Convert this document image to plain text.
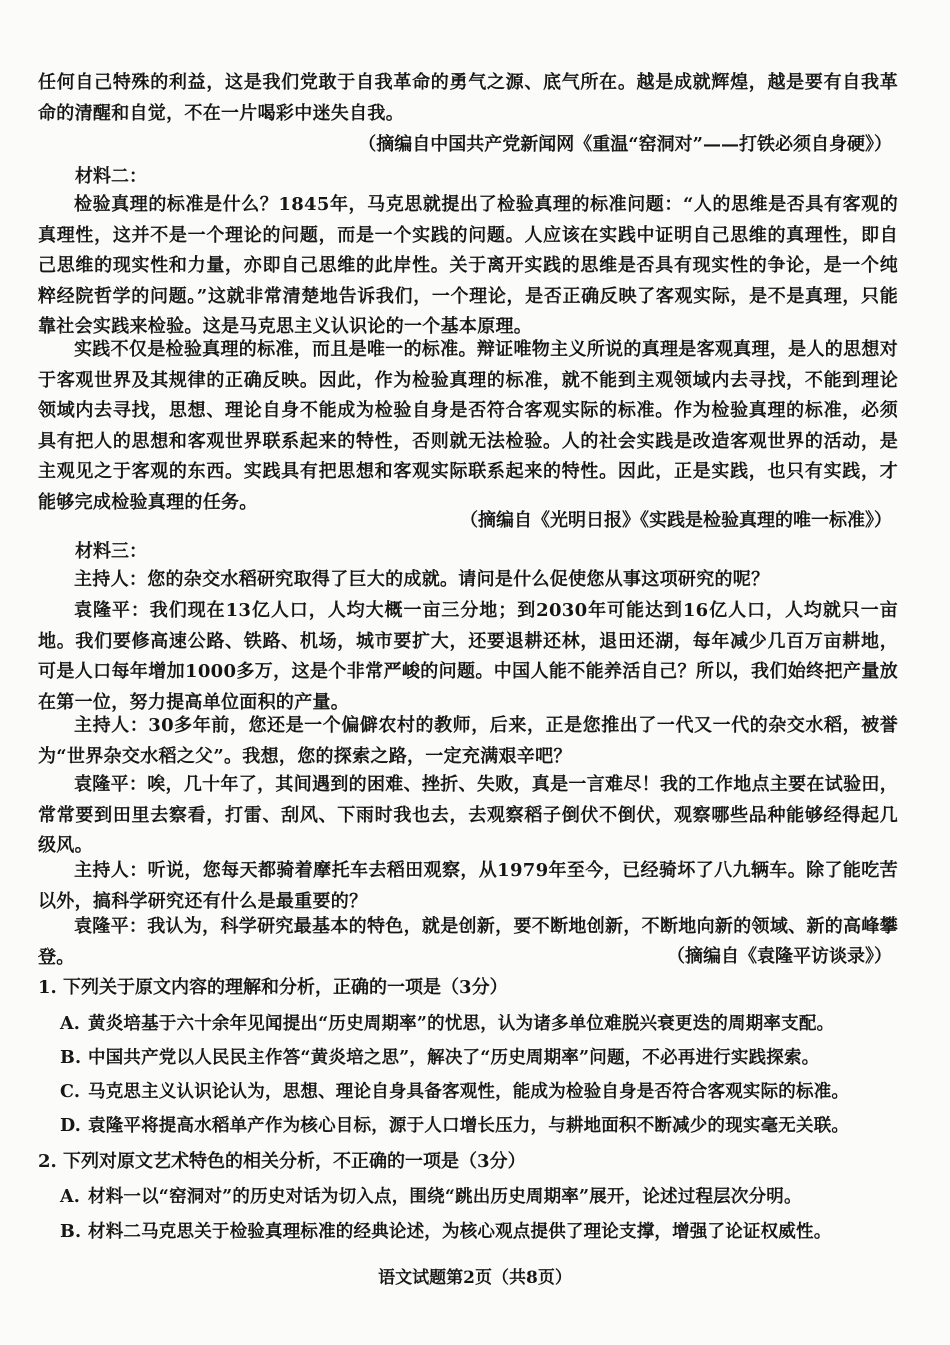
任何自己特殊的利益，这是我们党敢于自我革命的勇气之源、底气所在。越是成就辉煌，越是要有自我革命的清醒和自觉，不在一片喝彩中迷失自我。

（摘编自中国共产党新闻网《重温“窑洞对”——打铁必须自身硬》）

材料二：

检验真理的标准是什么？1845年，马克思就提出了检验真理的标准问题：“人的思维是否具有客观的真理性，这并不是一个理论的问题，而是一个实践的问题。人应该在实践中证明自己思维的真理性，即自己思维的现实性和力量，亦即自己思维的此岸性。关于离开实践的思维是否具有现实性的争论，是一个纯粹经院哲学的问题。”这就非常清楚地告诉我们，一个理论，是否正确反映了客观实际，是不是真理，只能靠社会实践来检验。这是马克思主义认识论的一个基本原理。

实践不仅是检验真理的标准，而且是唯一的标准。辩证唯物主义所说的真理是客观真理，是人的思想对于客观世界及其规律的正确反映。因此，作为检验真理的标准，就不能到主观领域内去寻找，不能到理论领域内去寻找，思想、理论自身不能成为检验自身是否符合客观实际的标准。作为检验真理的标准，必须具有把人的思想和客观世界联系起来的特性，否则就无法检验。人的社会实践是改造客观世界的活动，是主观见之于客观的东西。实践具有把思想和客观实际联系起来的特性。因此，正是实践，也只有实践，才能够完成检验真理的任务。

（摘编自《光明日报》《实践是检验真理的唯一标准》）

材料三：

主持人：您的杂交水稻研究取得了巨大的成就。请问是什么促使您从事这项研究的呢？

袁隆平：我们现在13亿人口，人均大概一亩三分地；到2030年可能达到16亿人口，人均就只一亩地。我们要修高速公路、铁路、机场，城市要扩大，还要退耕还林，退田还湖，每年减少几百万亩耕地，可是人口每年增加1000多万，这是个非常严峻的问题。中国人能不能养活自己？所以，我们始终把产量放在第一位，努力提高单位面积的产量。

主持人：30多年前，您还是一个偏僻农村的教师，后来，正是您推出了一代又一代的杂交水稻，被誉为“世界杂交水稻之父”。我想，您的探索之路，一定充满艰辛吧？

袁隆平：唉，几十年了，其间遇到的困难、挫折、失败，真是一言难尽！我的工作地点主要在试验田，常常要到田里去察看，打雷、刮风、下雨时我也去，去观察稻子倒伏不倒伏，观察哪些品种能够经得起几级风。

主持人：听说，您每天都骑着摩托车去稻田观察，从1979年至今，已经骑坏了八九辆车。除了能吃苦以外，搞科学研究还有什么是最重要的？

袁隆平：我认为，科学研究最基本的特色，就是创新，要不断地创新，不断地向新的领域、新的高峰攀登。	（摘编自《袁隆平访谈录》）

1. 下列关于原文内容的理解和分析，正确的一项是（3分）

A. 黄炎培基于六十余年见闻提出“历史周期率”的忧思，认为诸多单位难脱兴衰更迭的周期率支配。

B. 中国共产党以人民民主作答“黄炎培之思”，解决了“历史周期率”问题，不必再进行实践探索。

C. 马克思主义认识论认为，思想、理论自身具备客观性，能成为检验自身是否符合客观实际的标准。

D. 袁隆平将提高水稻单产作为核心目标，源于人口增长压力，与耕地面积不断减少的现实毫无关联。

2. 下列对原文艺术特色的相关分析，不正确的一项是（3分）

A. 材料一以“窑洞对”的历史对话为切入点，围绕“跳出历史周期率”展开，论述过程层次分明。

B. 材料二马克思关于检验真理标准的经典论述，为核心观点提供了理论支撑，增强了论证权威性。

语文试题第2页（共8页）
